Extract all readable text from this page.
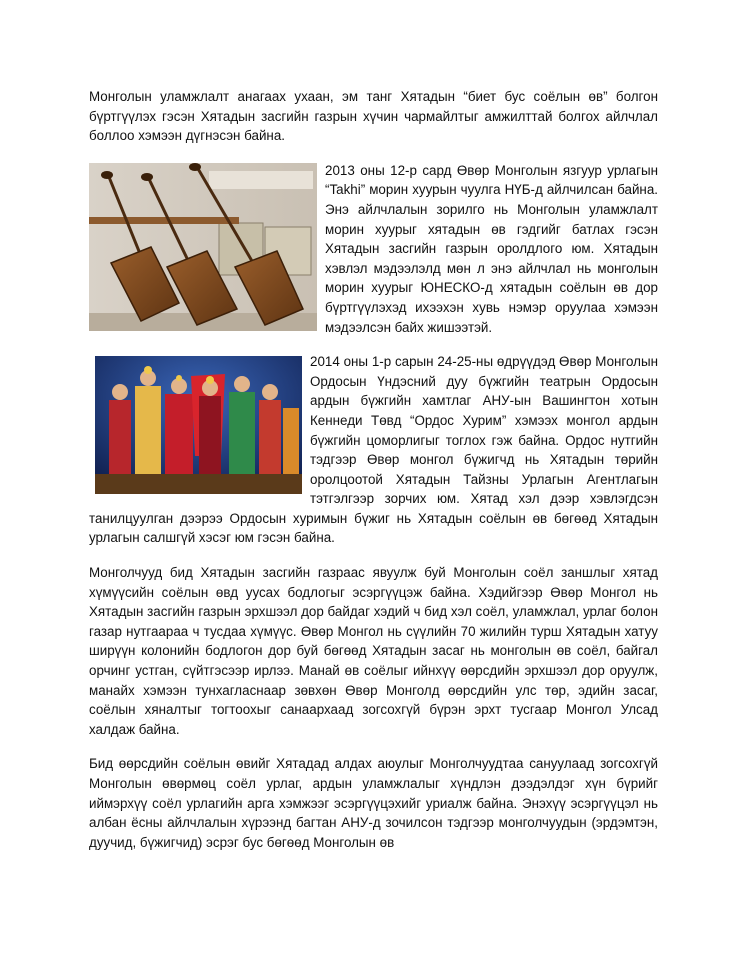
Монголын уламжлалт анагаах ухаан, эм танг Хятадын “биет бус соёлын өв” болгон бүртгүүлэх гэсэн Хятадын засгийн газрын хүчин чармайлтыг амжилттай болгох айлчлал боллоо хэмээн дүгнэсэн байна.

2013 оны 12-р сард Өвөр Монголын язгуур урлагын “Takhi” морин хуурын чуулга НҮБ-д айлчилсан байна. Энэ айлчлалын зорилго нь Монголын уламжлалт морин хуурыг хятадын өв гэдгийг батлах гэсэн Хятадын засгийн газрын оролдлого юм. Хятадын хэвлэл мэдээлэлд мөн л энэ айлчлал нь монголын морин хуурыг ЮНЕСКО-д хятадын соёлын өв дор бүртгүүлэхэд ихээхэн хувь нэмэр оруулаа хэмээн мэдээлсэн байх жишээтэй.

2014 оны 1-р сарын 24-25-ны өдрүүдэд Өвөр Монголын Ордосын Үндэсний дуу бүжгийн театрын Ордосын ардын бүжгийн хамтлаг АНУ-ын Вашингтон хотын Кеннеди Төвд “Ордос Хурим” хэмээх монгол ардын бүжгийн цоморлигыг тоглох гэж байна. Ордос нутгийн тэдгээр Өвөр монгол бүжигчд нь Хятадын төрийн оролцоотой Хятадын Тайзны Урлагын Агентлагын тэтгэлгээр зорчих юм. Хятад хэл дээр хэвлэгдсэн танилцуулган дээрээ Ордосын хуримын бүжиг нь Хятадын соёлын өв бөгөөд Хятадын урлагын салшгүй хэсэг юм гэсэн байна.

Монголчууд бид Хятадын засгийн газраас явуулж буй Монголын соёл заншлыг хятад хүмүүсийн соёлын өвд уусах бодлогыг эсэргүүцэж байна. Хэдийгээр Өвөр Монгол нь Хятадын засгийн газрын эрхшээл дор байдаг хэдий ч бид хэл соёл, уламжлал, урлаг болон газар нутгаараа ч тусдаа хүмүүс. Өвөр Монгол нь сүүлийн 70 жилийн турш Хятадын хатуу ширүүн колонийн бодлогон дор буй бөгөөд Хятадын засаг нь монголын өв соёл, байгал орчинг устган, сүйтгэсээр ирлээ. Манай өв соёлыг ийнхүү өөрсдийн эрхшээл дор оруулж, манайх хэмээн тунхагласнаар зөвхөн Өвөр Монголд өөрсдийн улс төр, эдийн засаг, соёлын хяналтыг тогтоохыг санаархаад зогсохгүй бүрэн эрхт тусгаар Монгол Улсад халдаж байна.

Бид өөрсдийн соёлын өвийг Хятадад алдах аюулыг Монголчуудтаа сануулаад зогсохгүй Монголын өвөрмөц соёл урлаг, ардын уламжлалыг хүндлэн дээдэлдэг хүн бүрийг иймэрхүү соёл урлагийн арга хэмжээг эсэргүүцэхийг уриалж байна. Энэхүү эсэргүүцэл нь албан ёсны айлчлалын хүрээнд багтан АНУ-д зочилсон тэдгээр монголчуудын (эрдэмтэн, дуучид, бүжигчид) эсрэг бус бөгөөд Монголын өв
